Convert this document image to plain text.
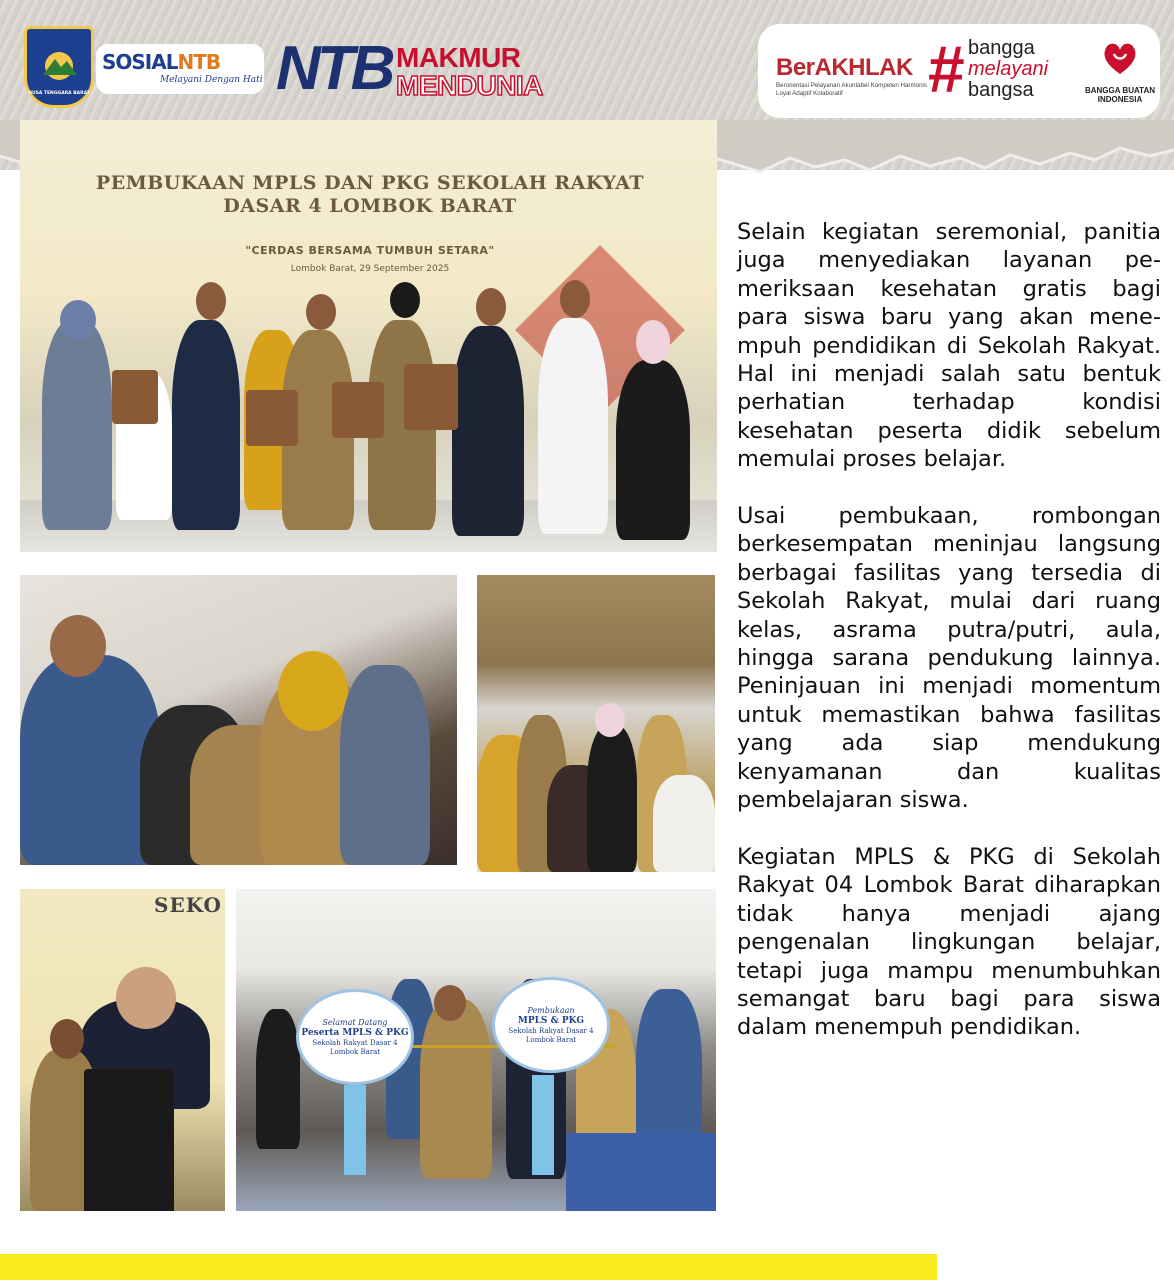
NUSA TENGGARA BARAT
SOSIALNTB
Melayani Dengan Hati NTB MAKMUR
MENDUNIA
BerAKHLAK
Berorientasi Pelayanan Akuntabel Kompeten Harmonis Loyal Adaptif Kolaboratif	# bangga
melayani
bangsa	BANGGA BUATAN INDONESIA
PEMBUKAAN MPLS DAN PKG SEKOLAH RAKYAT DASAR 4 LOMBOK BARAT
"CERDAS BERSAMA TUMBUH SETARA"
Lombok Barat, 29 September 2025
SEKO
Selamat Datang
Peserta MPLS & PKG
Sekolah Rakyat Dasar 4 Lombok Barat
Pembukaan
MPLS & PKG
Sekolah Rakyat Dasar 4 Lombok Barat

Selain kegiatan seremonial, panitia juga menyediakan layanan pemeriksaan kesehatan gratis bagi para siswa baru yang akan menempuh pendidikan di Sekolah Rakyat. Hal ini menjadi salah satu bentuk perhatian terhadap kondisi kesehatan peserta didik sebelum memulai proses belajar.

Usai pembukaan, rombongan berkesempatan meninjau langsung berbagai fasilitas yang tersedia di Sekolah Rakyat, mulai dari ruang kelas, asrama putra/putri, aula, hingga sarana pendukung lainnya. Peninjauan ini menjadi momentum untuk memastikan bahwa fasilitas yang ada siap mendukung kenyamanan dan kualitas pembelajaran siswa.

Kegiatan MPLS & PKG di Sekolah Rakyat 04 Lombok Barat diharapkan tidak hanya menjadi ajang pengenalan lingkungan belajar, tetapi juga mampu menumbuhkan semangat baru bagi para siswa dalam menempuh pendidikan.
